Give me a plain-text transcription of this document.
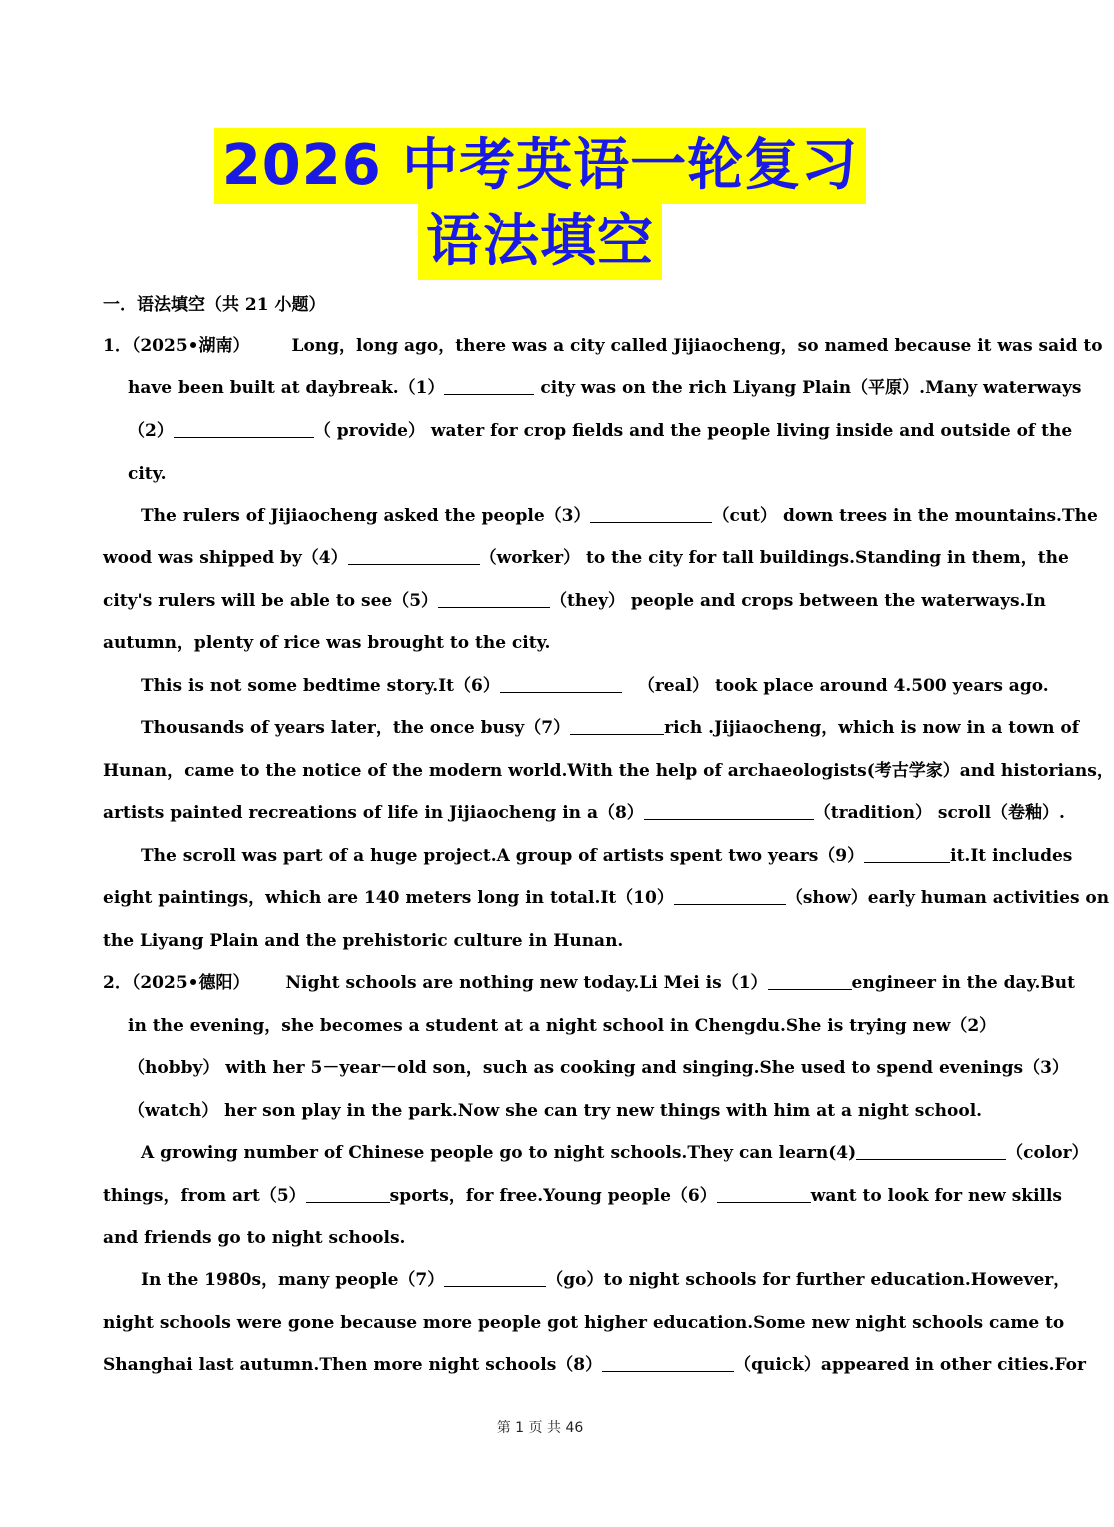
2026 中考英语一轮复习
语法填空
一．语法填空（共 21 小题）
1．（2025•湖南） Long，long ago，there was a city called Jijiaocheng，so named because it was said to
have been built at daybreak.（1）	city was on the rich Liyang Plain（平原）.Many waterways
（2）	（ provide） water for crop fields and the people living inside and outside of the
city.
The rulers of Jijiaocheng asked the people（3）	（cut） down trees in the mountains.The
wood was shipped by（4）	（worker） to the city for tall buildings.Standing in them，the
city's rulers will be able to see（5）	（they） people and crops between the waterways.In
autumn，plenty of rice was brought to the city.
This is not some bedtime story.It（6）	（real） took place around 4.500 years ago.
Thousands of years later，the once busy（7）	rich .Jijiaocheng，which is now in a town of
Hunan，came to the notice of the modern world.With the help of archaeologists(考古学家）and historians，
artists painted recreations of life in Jijiaocheng in a（8）	（tradition） scroll（卷釉）.
The scroll was part of a huge project.A group of artists spent two years（9）	it.It includes
eight paintings，which are 140 meters long in total.It（10）	（show）early human activities on
the Liyang Plain and the prehistoric culture in Hunan.
2．（2025•德阳） Night schools are nothing new today.Li Mei is（1）	engineer in the day.But
in the evening，she becomes a student at a night school in Chengdu.She is trying new（2）
（hobby） with her 5－year－old son，such as cooking and singing.She used to spend evenings（3）
（watch） her son play in the park.Now she can try new things with him at a night school.
A growing number of Chinese people go to night schools.They can learn(4)	（color）
things，from art（5）	sports，for free.Young people（6）	want to look for new skills
and friends go to night schools.
In the 1980s，many people（7）	（go）to night schools for further education.However，
night schools were gone because more people got higher education.Some new night schools came to
Shanghai last autumn.Then more night schools（8）	（quick）appeared in other cities.For
第 1 页 共 46
